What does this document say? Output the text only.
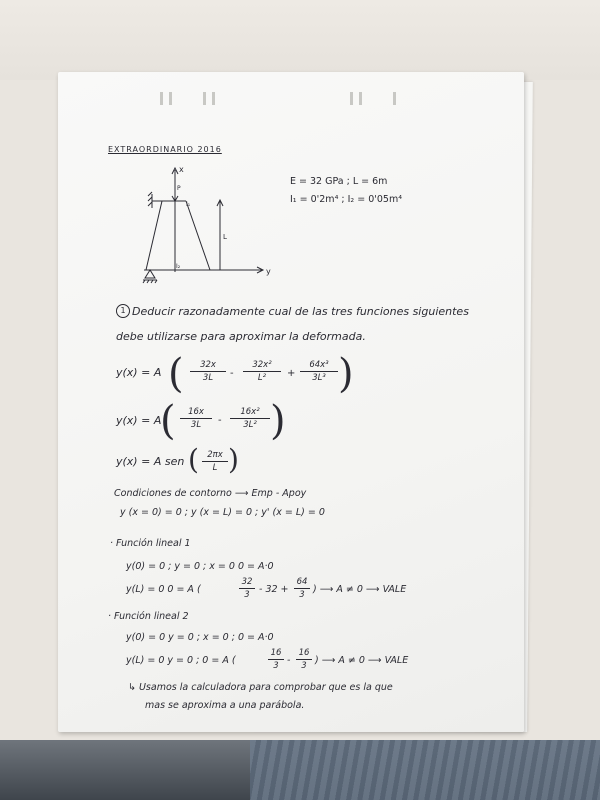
EXTRAORDINARIO 2016
x
y
P
I₁
I₂
L
E = 32 GPa ; L = 6m
I₁ = 0'2m⁴ ; I₂ = 0'05m⁴
1 Deducir razonadamente cual de las tres funciones siguientes
debe utilizarse para aproximar la deformada.
y(x) = A ( $\frac{32x}{3L} - \frac{\text{32x²}}{\text{L²}} + \frac{\text{64x³}}{\text{3L³}}$ )
y(x) = A
( $\frac{16x}{3L} - \frac{\text{16x²}}{\text{3L²}}$ )
y(x) = A sen ( $\frac{2\pi x}{L}$ )
Condiciones de contorno ⟶ Emp - Apoy
y (x = 0) = 0 ; y (x = L) = 0 ; y' (x = L) = 0
· Función lineal 1
y(0) = 0 ; y = 0 ; x = 0 0 = A·0
y(L) = 0 0 = A (	$\frac{32}{3} - 32 + \frac{64}{3}$ ) ⟶ A ≠ 0 ⟶ VALE
· Función lineal 2
y(0) = 0 y = 0 ; x = 0 ; 0 = A·0
y(L) = 0 y = 0 ; 0 = A (	$\frac{16}{3} - \frac{16}{3}$ ) ⟶ A ≠ 0 ⟶ VALE
↳ Usamos la calculadora para comprobar que es la que
mas se aproxima a una parábola.
